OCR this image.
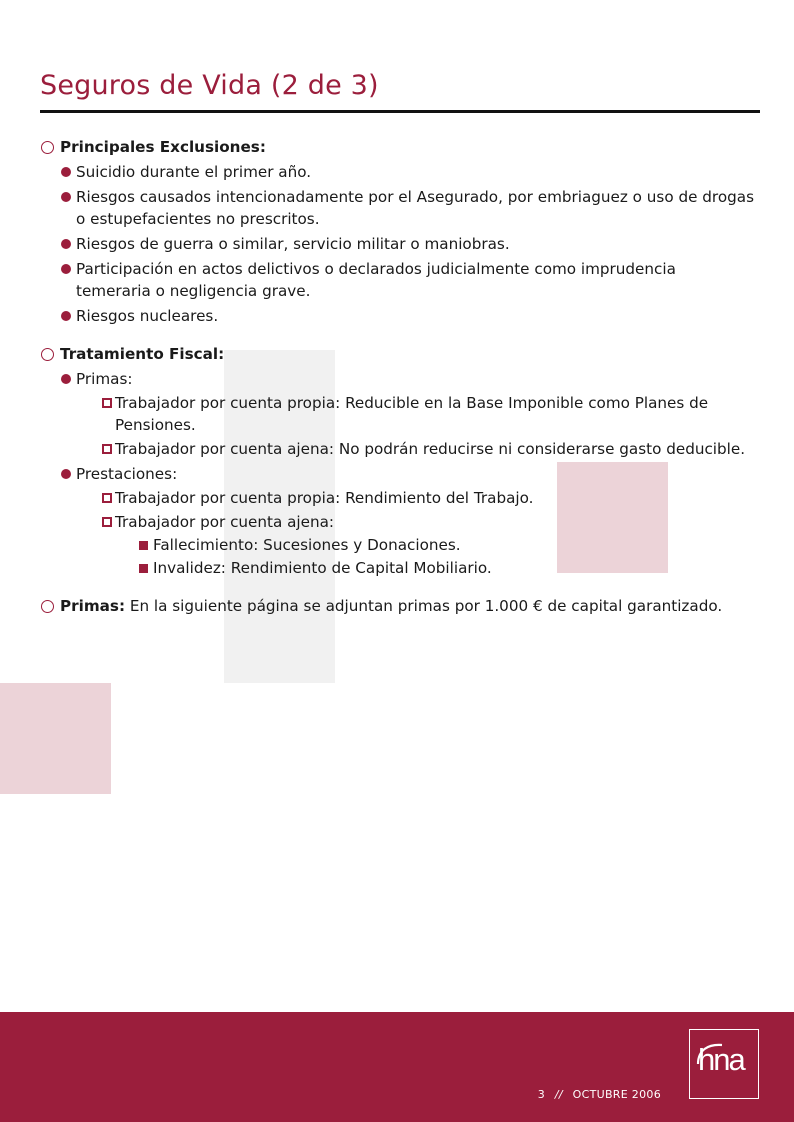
Seguros de Vida (2 de 3)
Principales Exclusiones:
Suicidio durante el primer año.
Riesgos causados intencionadamente por el Asegurado, por embriaguez o uso de drogas o estupefacientes no prescritos.
Riesgos de guerra o similar, servicio militar o maniobras.
Participación en actos delictivos o declarados judicialmente como imprudencia temeraria o negligencia grave.
Riesgos nucleares.
Tratamiento Fiscal:
Primas:
Trabajador por cuenta propia: Reducible en la Base Imponible como Planes de Pensiones.
Trabajador por cuenta ajena: No podrán reducirse ni considerarse gasto deducible.
Prestaciones:
Trabajador por cuenta propia: Rendimiento del Trabajo.
Trabajador por cuenta ajena:
Fallecimiento: Sucesiones y Donaciones.
Invalidez: Rendimiento de Capital Mobiliario.
Primas: En la siguiente página se adjuntan primas por 1.000 € de capital garantizado.
3 // OCTUBRE 2006
hna
